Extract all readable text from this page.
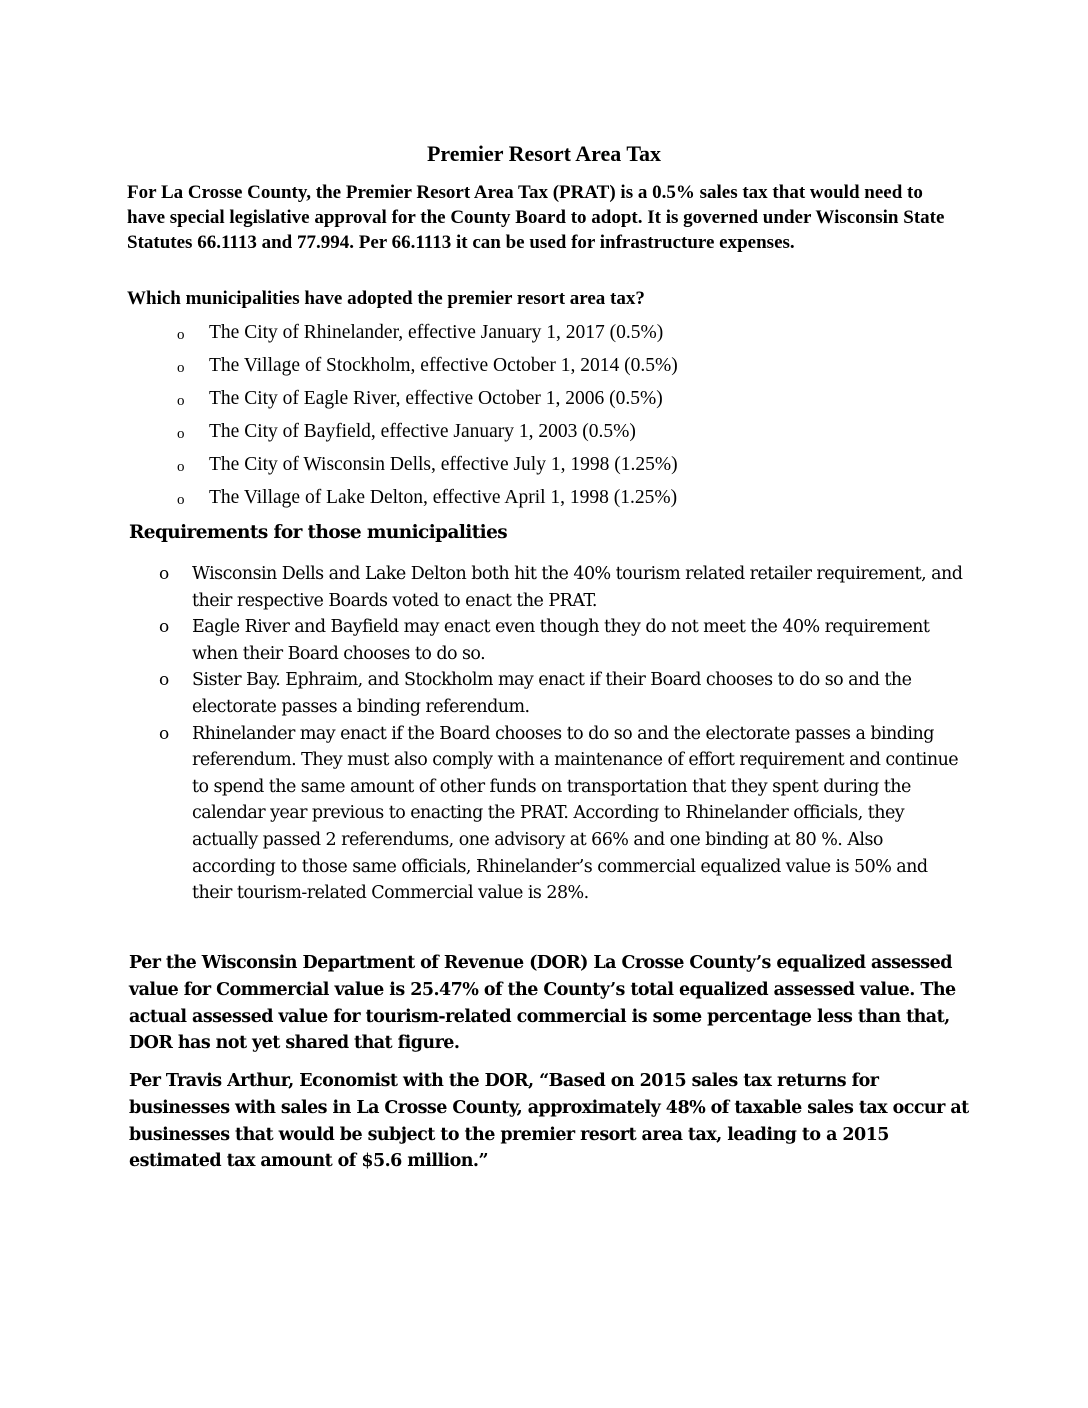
Premier Resort Area Tax

For La Crosse County, the Premier Resort Area Tax (PRAT) is a 0.5% sales tax that would need to have special legislative approval for the County Board to adopt. It is governed under Wisconsin State Statutes 66.1113 and 77.994. Per 66.1113 it can be used for infrastructure expenses.

Which municipalities have adopted the premier resort area tax?

o The City of Rhinelander, effective January 1, 2017 (0.5%)
o The Village of Stockholm, effective October 1, 2014 (0.5%)
o The City of Eagle River, effective October 1, 2006 (0.5%)
o The City of Bayfield, effective January 1, 2003 (0.5%)
o The City of Wisconsin Dells, effective July 1, 1998 (1.25%)
o The Village of Lake Delton, effective April 1, 1998 (1.25%)
Requirements for those municipalities
o Wisconsin Dells and Lake Delton both hit the 40% tourism related retailer requirement, and their respective Boards voted to enact the PRAT.
o Eagle River and Bayfield may enact even though they do not meet the 40% requirement when their Board chooses to do so.
o Sister Bay. Ephraim, and Stockholm may enact if their Board chooses to do so and the electorate passes a binding referendum.
o Rhinelander may enact if the Board chooses to do so and the electorate passes a binding referendum. They must also comply with a maintenance of effort requirement and continue to spend the same amount of other funds on transportation that they spent during the calendar year previous to enacting the PRAT. According to Rhinelander officials, they actually passed 2 referendums, one advisory at 66% and one binding at 80 %. Also according to those same officials, Rhinelander’s commercial equalized value is 50% and their tourism-related Commercial value is 28%.

Per the Wisconsin Department of Revenue (DOR) La Crosse County’s equalized assessed value for Commercial value is 25.47% of the County’s total equalized assessed value. The actual assessed value for tourism-related commercial is some percentage less than that, DOR has not yet shared that figure.

Per Travis Arthur, Economist with the DOR, “Based on 2015 sales tax returns for businesses with sales in La Crosse County, approximately 48% of taxable sales tax occur at businesses that would be subject to the premier resort area tax, leading to a 2015 estimated tax amount of $5.6 million.”
